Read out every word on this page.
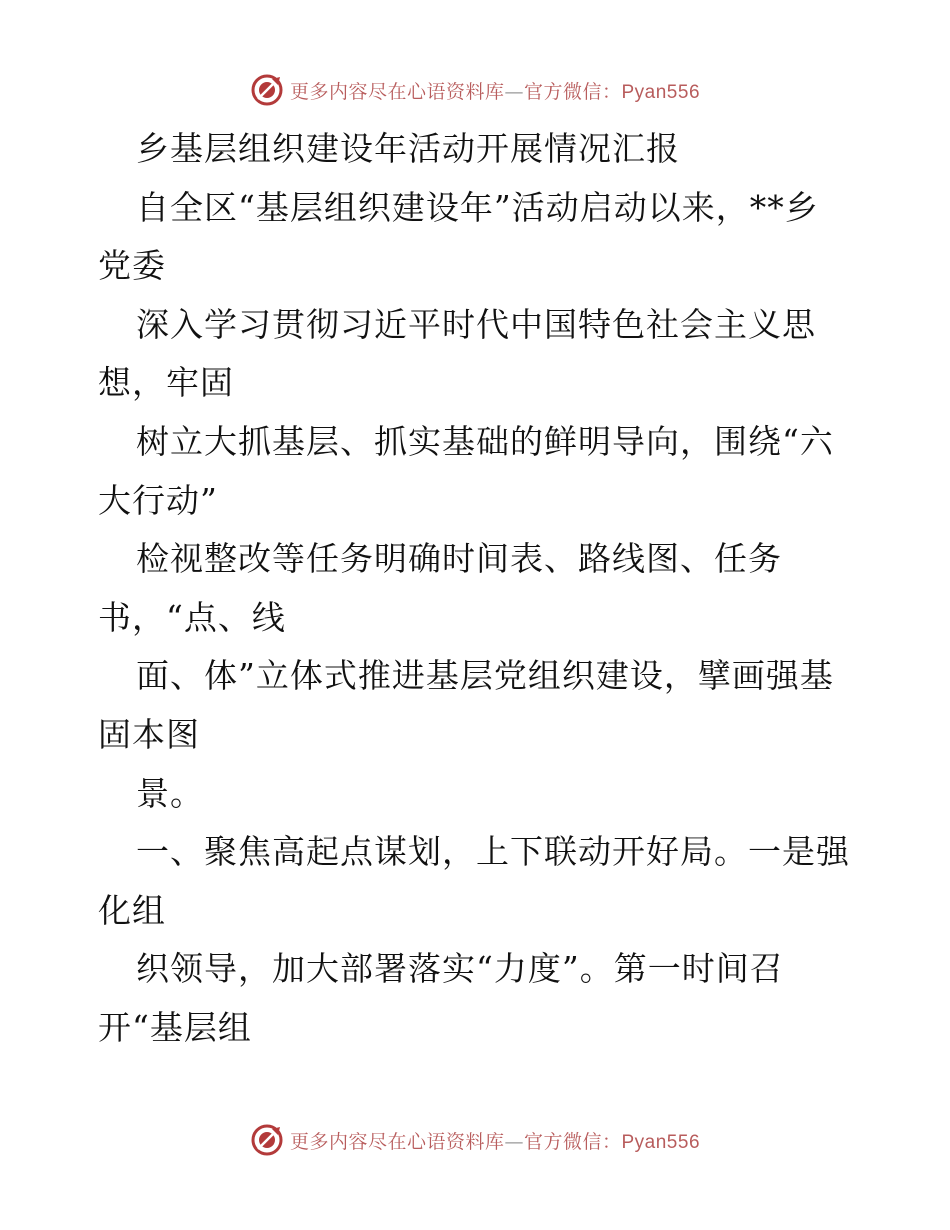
更多内容尽在心语资料库—官方微信：Pyan556
乡基层组织建设年活动开展情况汇报
自全区“基层组织建设年”活动启动以来，**乡
党委
深入学习贯彻习近平时代中国特色社会主义思
想，牢固
树立大抓基层、抓实基础的鲜明导向，围绕“六
大行动”
检视整改等任务明确时间表、路线图、任务
书，“点、线
面、体”立体式推进基层党组织建设，擘画强基
固本图
景。
一、聚焦高起点谋划，上下联动开好局。一是强
化组
织领导，加大部署落实“力度”。第一时间召
开“基层组
更多内容尽在心语资料库—官方微信：Pyan556
